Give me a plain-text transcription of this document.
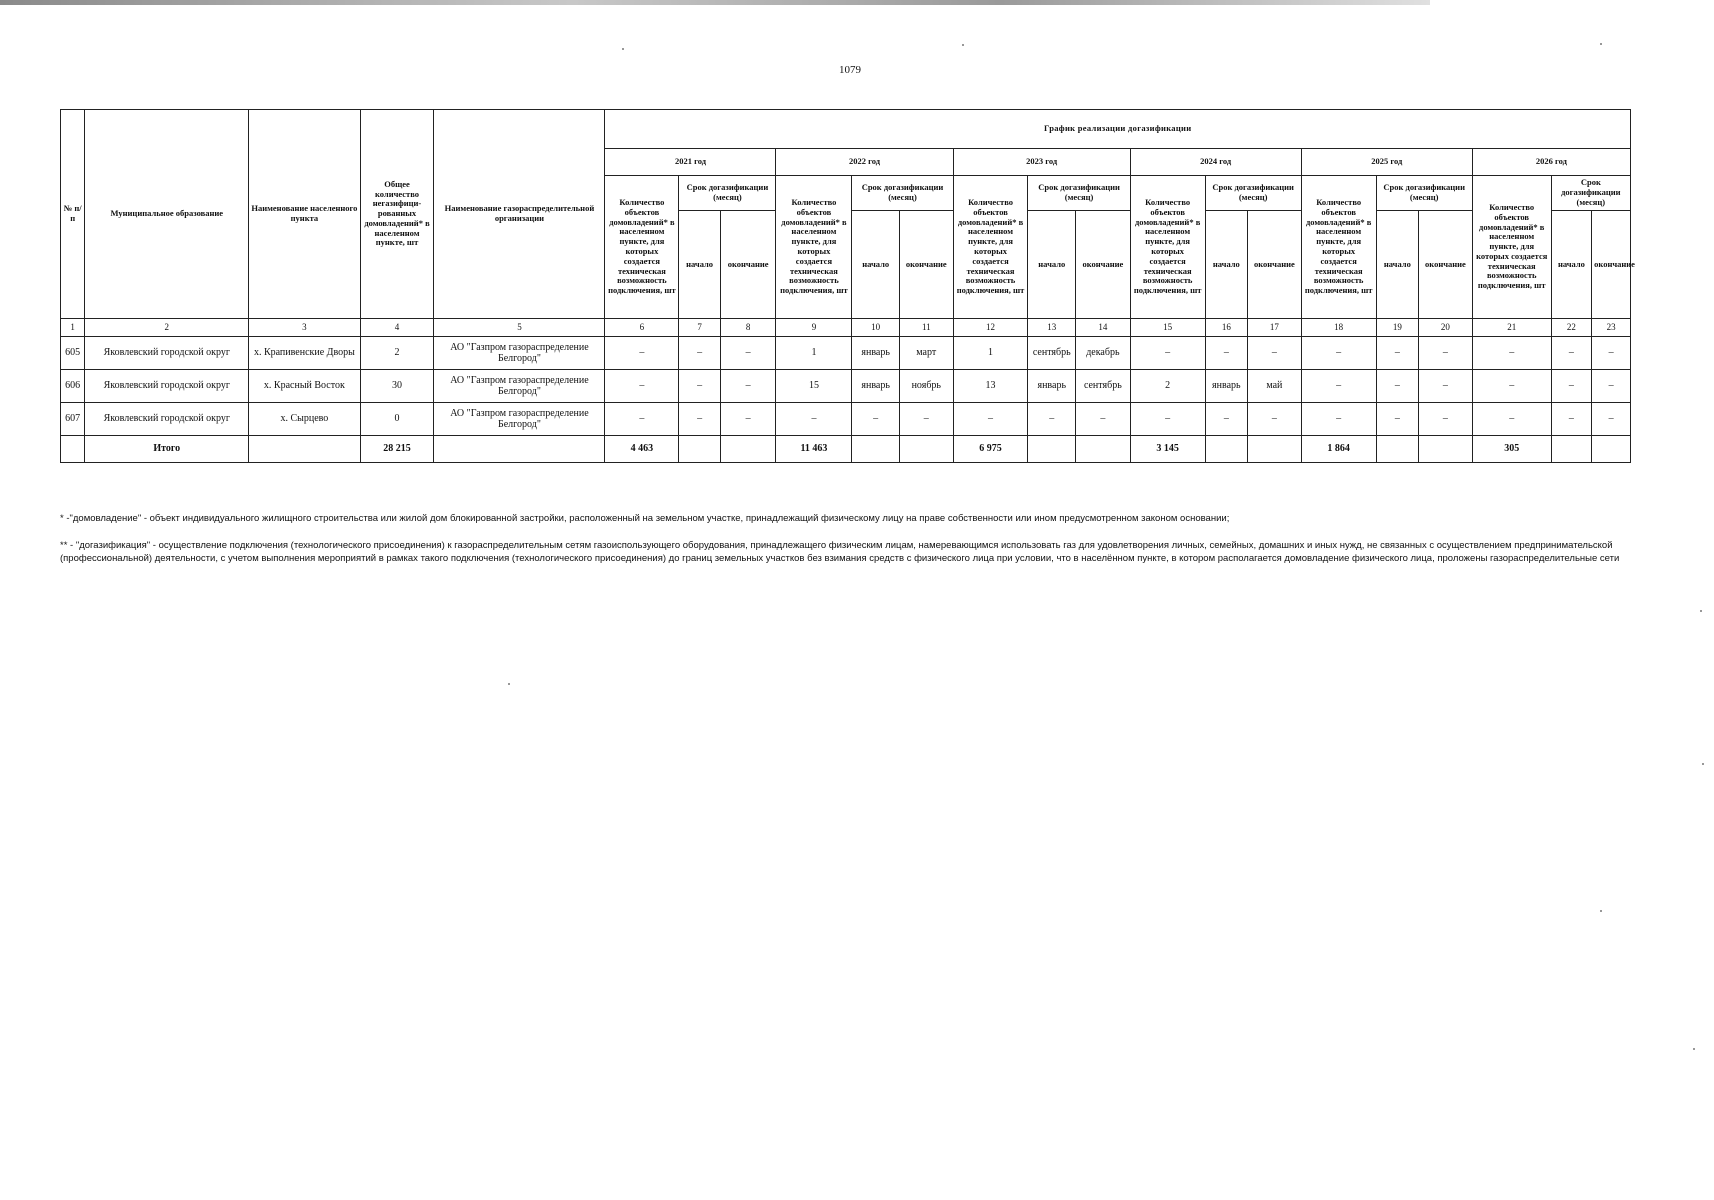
1079
№ п/п	Муниципальное образование	Наименование населенного пункта	Общее количество негазифици-рованных домовладений* в населенном пункте, шт	Наименование газораспределительной организации	График реализации догазификации																	
					2021 год			2022 год			2023 год			2024 год			2025 год			2026 год		
					Количество объектов домовладений* в населенном пункте, для которых создается техническая возможность подключения, шт	Срок догазификации (месяц)		Количество объектов домовладений* в населенном пункте, для которых создается техническая возможность подключения, шт	Срок догазификации (месяц)		Количество объектов домовладений* в населенном пункте, для которых создается техническая возможность подключения, шт	Срок догазификации (месяц)		Количество объектов домовладений* в населенном пункте, для которых создается техническая возможность подключения, шт	Срок догазификации (месяц)		Количество объектов домовладений* в населенном пункте, для которых создается техническая возможность подключения, шт	Срок догазификации (месяц)		Количество объектов домовладений* в населенном пункте, для которых создается техническая возможность подключения, шт	Срок догазификации (месяц)	
						начало	окончание		начало	окончание		начало	окончание		начало	окончание		начало	окончание		начало	окончание
1	2	3	4	5	6	7	8	9	10	11	12	13	14	15	16	17	18	19	20	21	22	23
605	Яковлевский городской округ	х. Крапивенские Дворы	2	АО "Газпром газораспределение Белгород"	–	–	–	1	январь	март	1	сентябрь	декабрь	–	–	–	–	–	–	–	–	–
606	Яковлевский городской округ	х. Красный Восток	30	АО "Газпром газораспределение Белгород"	–	–	–	15	январь	ноябрь	13	январь	сентябрь	2	январь	май	–	–	–	–	–	–
607	Яковлевский городской округ	х. Сырцево	0	АО "Газпром газораспределение Белгород"	–	–	–	–	–	–	–	–	–	–	–	–	–	–	–	–	–	–
	Итого		28 215		4 463			11 463			6 975			3 145			1 864			305		

* -"домовладение" - объект индивидуального жилищного строительства или жилой дом блокированной застройки, расположенный на земельном участке, принадлежащий физическому лицу на праве собственности или ином предусмотренном законом основании;

** - "догазификация" - осуществление подключения (технологического присоединения) к газораспределительным сетям газоиспользующего оборудования, принадлежащего физическим лицам, намеревающимся использовать газ для удовлетворения личных, семейных, домашних и иных нужд, не связанных с осуществлением предпринимательской (профессиональной) деятельности, с учетом выполнения мероприятий в рамках такого подключения (технологического присоединения) до границ земельных участков без взимания средств с физического лица при условии, что в населённом пункте, в котором располагается домовладение физического лица, проложены газораспределительные сети
